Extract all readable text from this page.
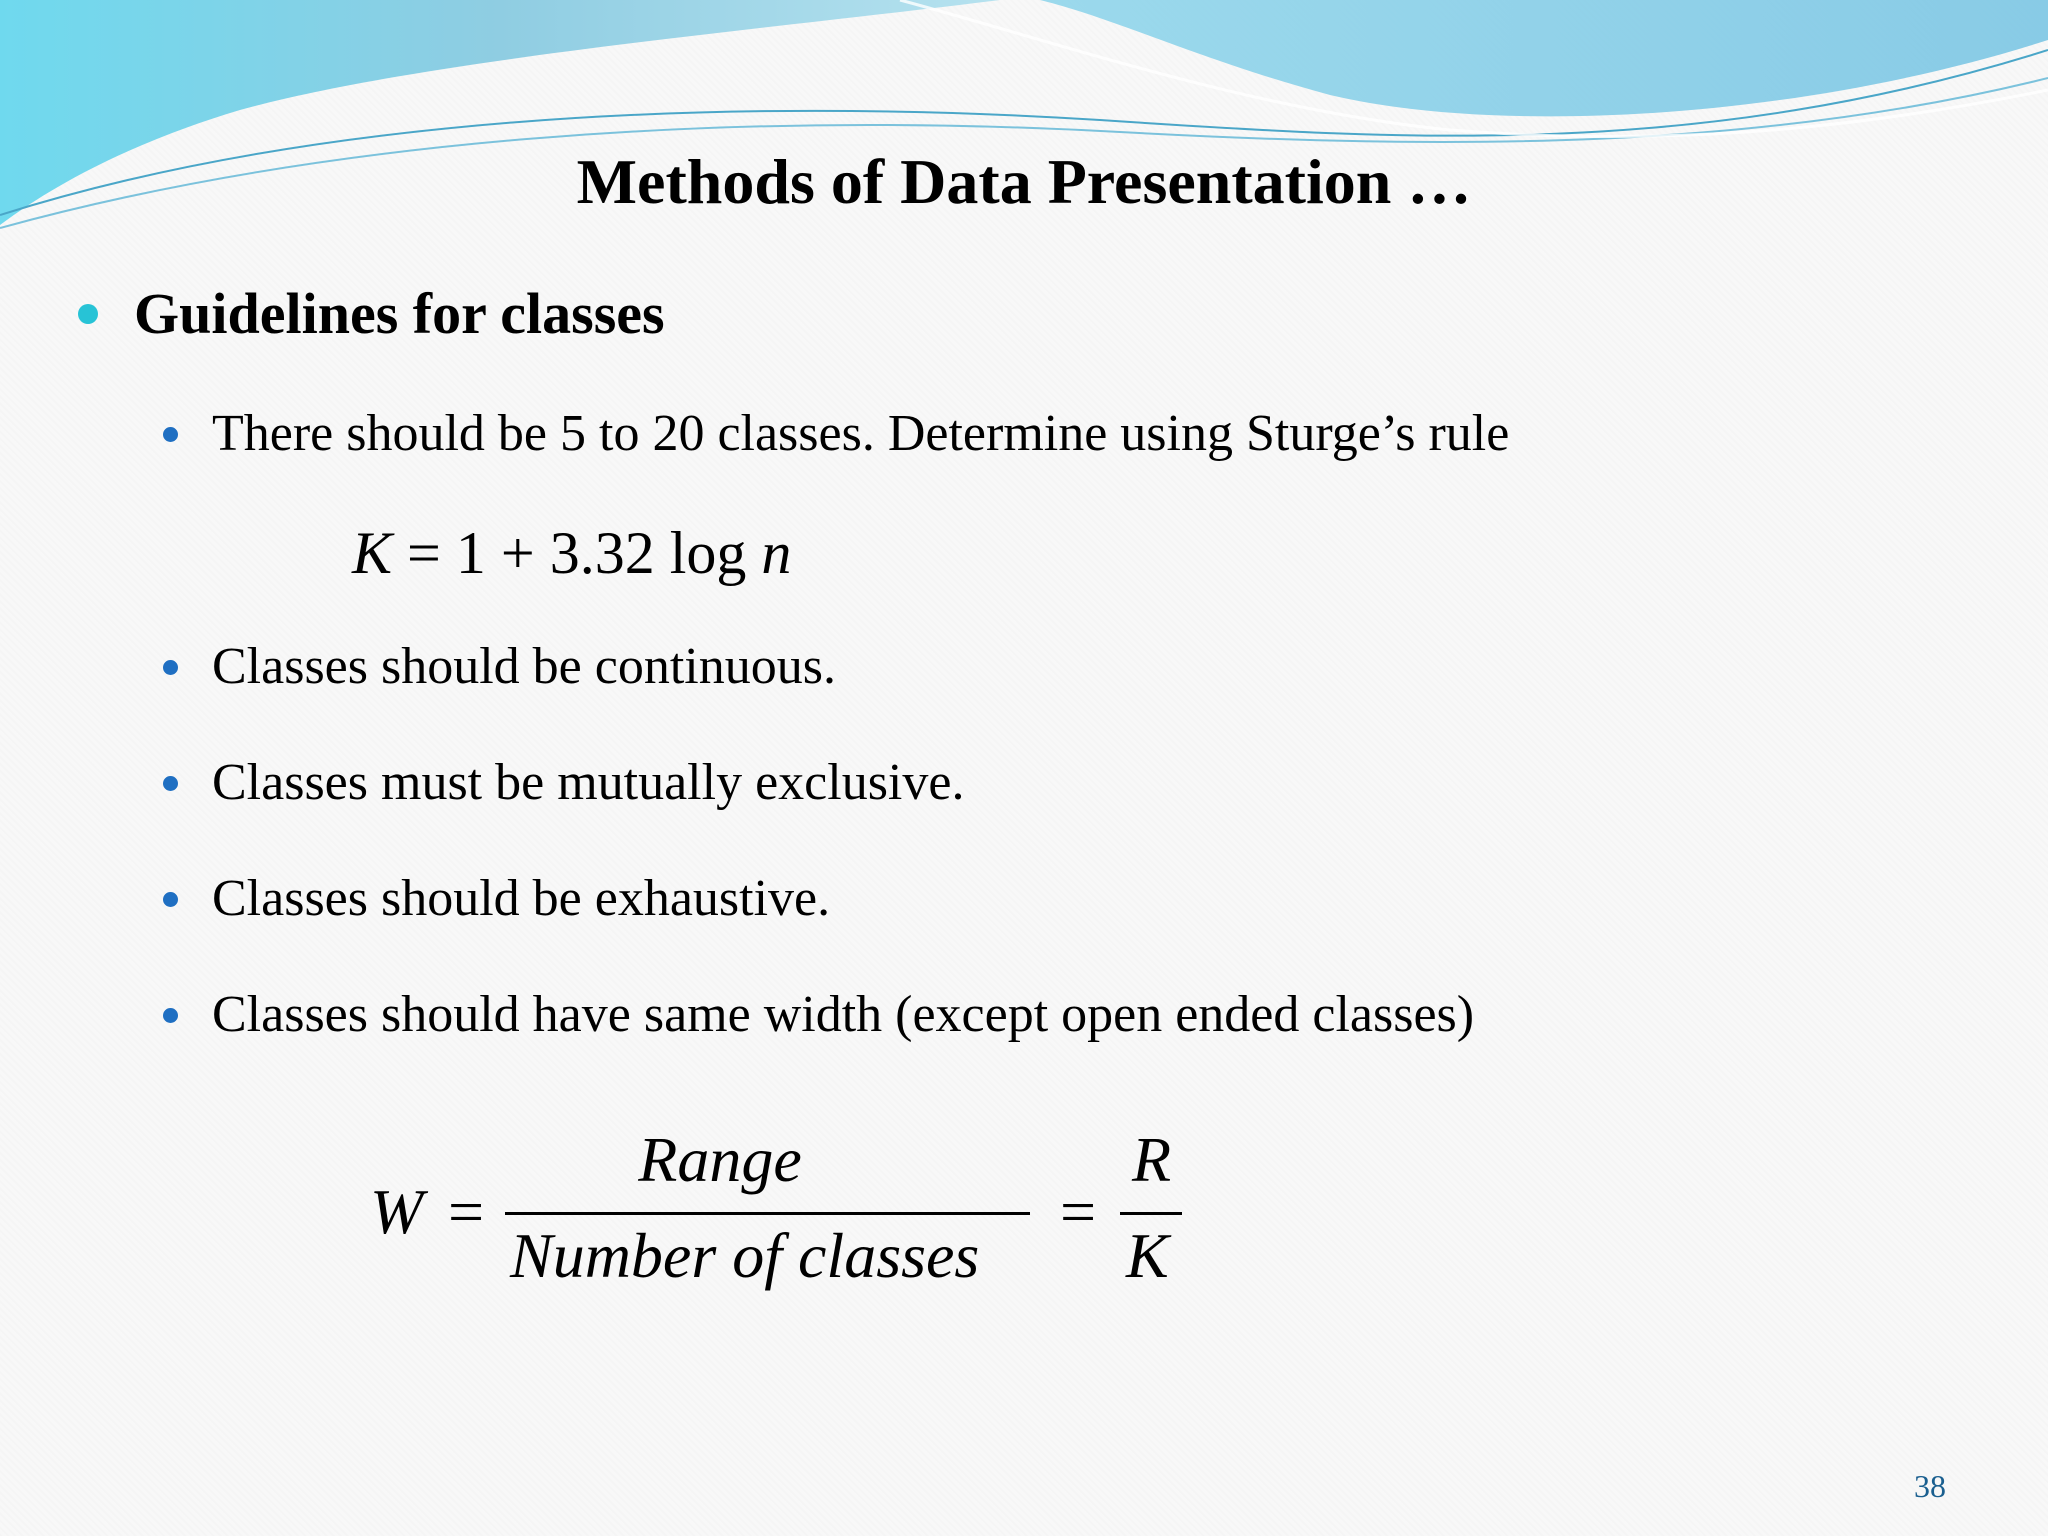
Methods of Data Presentation …
Guidelines for classes
There should be 5 to 20 classes. Determine using Sturge’s rule
K = 1 + 3.32 log n
Classes should be continuous.
Classes must be mutually exclusive.
Classes should be exhaustive.
Classes should have same width (except open ended classes)
W =
Range
Number of classes
=
R
K
38
